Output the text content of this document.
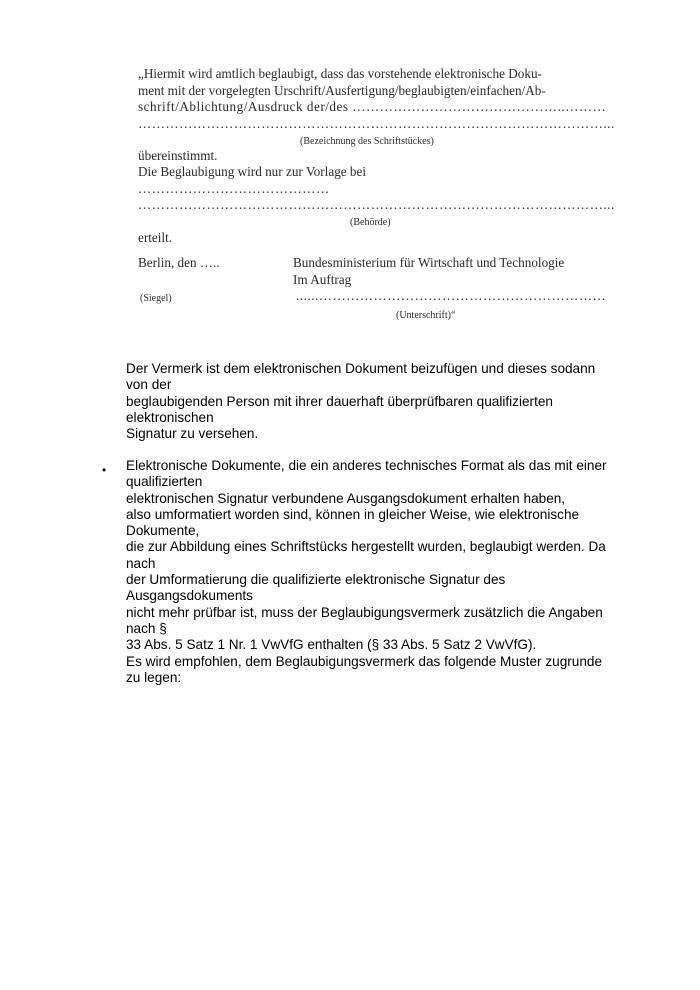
„Hiermit wird amtlich beglaubigt, dass das vorstehende elektronische Doku-
ment mit der vorgelegten Urschrift/Ausfertigung/beglaubigten/einfachen/Ab-
schrift/Ablichtung/Ausdruck der/des ………………………………………..………
…………………………………………………………………………………………...
(Bezeichnung des Schriftstückes)
übereinstimmt.
Die Beglaubigung wird nur zur Vorlage bei
……………………………………
…………………………………………………………………………………………...
(Behörde)
erteilt.
Berlin, den …..	Bundesministerium für Wirtschaft und Technologie
Im Auftrag
(Siegel)	......………………………………………………………
(Unterschrift)“
Der Vermerk ist dem elektronischen Dokument beizufügen und dieses sodann
von der
beglaubigenden Person mit ihrer dauerhaft überprüfbaren qualifizierten
elektronischen
Signatur zu versehen.
• Elektronische Dokumente, die ein anderes technisches Format als das mit einer
qualifizierten
elektronischen Signatur verbundene Ausgangsdokument erhalten haben,
also umformatiert worden sind, können in gleicher Weise, wie elektronische
Dokumente,
die zur Abbildung eines Schriftstücks hergestellt wurden, beglaubigt werden. Da
nach
der Umformatierung die qualifizierte elektronische Signatur des
Ausgangsdokuments
nicht mehr prüfbar ist, muss der Beglaubigungsvermerk zusätzlich die Angaben
nach §
33 Abs. 5 Satz 1 Nr. 1 VwVfG enthalten (§ 33 Abs. 5 Satz 2 VwVfG).
Es wird empfohlen, dem Beglaubigungsvermerk das folgende Muster zugrunde
zu legen:
